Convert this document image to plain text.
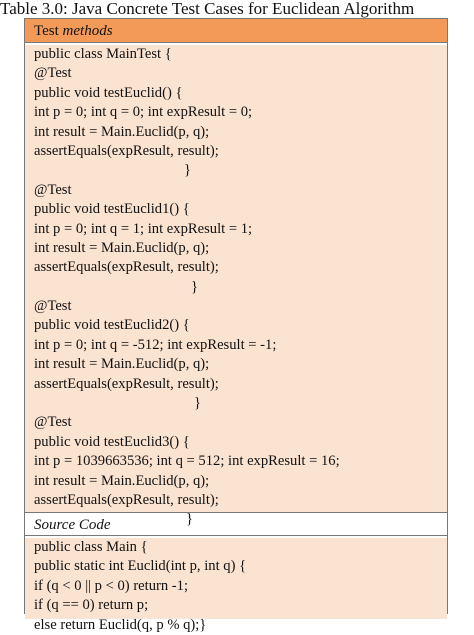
Table 3.0: Java Concrete Test Cases for Euclidean Algorithm
Test methods
public class MainTest {
@Test
public void testEuclid() {
int p = 0; int q = 0; int expResult = 0;
int result = Main.Euclid(p, q);
assertEquals(expResult, result);
}
@Test
public void testEuclid1() {
int p = 0; int q = 1; int expResult = 1;
int result = Main.Euclid(p, q);
assertEquals(expResult, result);
}
@Test
public void testEuclid2() {
int p = 0; int q = -512; int expResult = -1;
int result = Main.Euclid(p, q);
assertEquals(expResult, result);
}
@Test
public void testEuclid3() {
int p = 1039663536; int q = 512; int expResult = 16;
int result = Main.Euclid(p, q);
assertEquals(expResult, result);
}
Source Code
public class Main {
public static int Euclid(int p, int q) {
if (q < 0 || p < 0) return -1;
if (q == 0) return p;
else return Euclid(q, p % q);}
